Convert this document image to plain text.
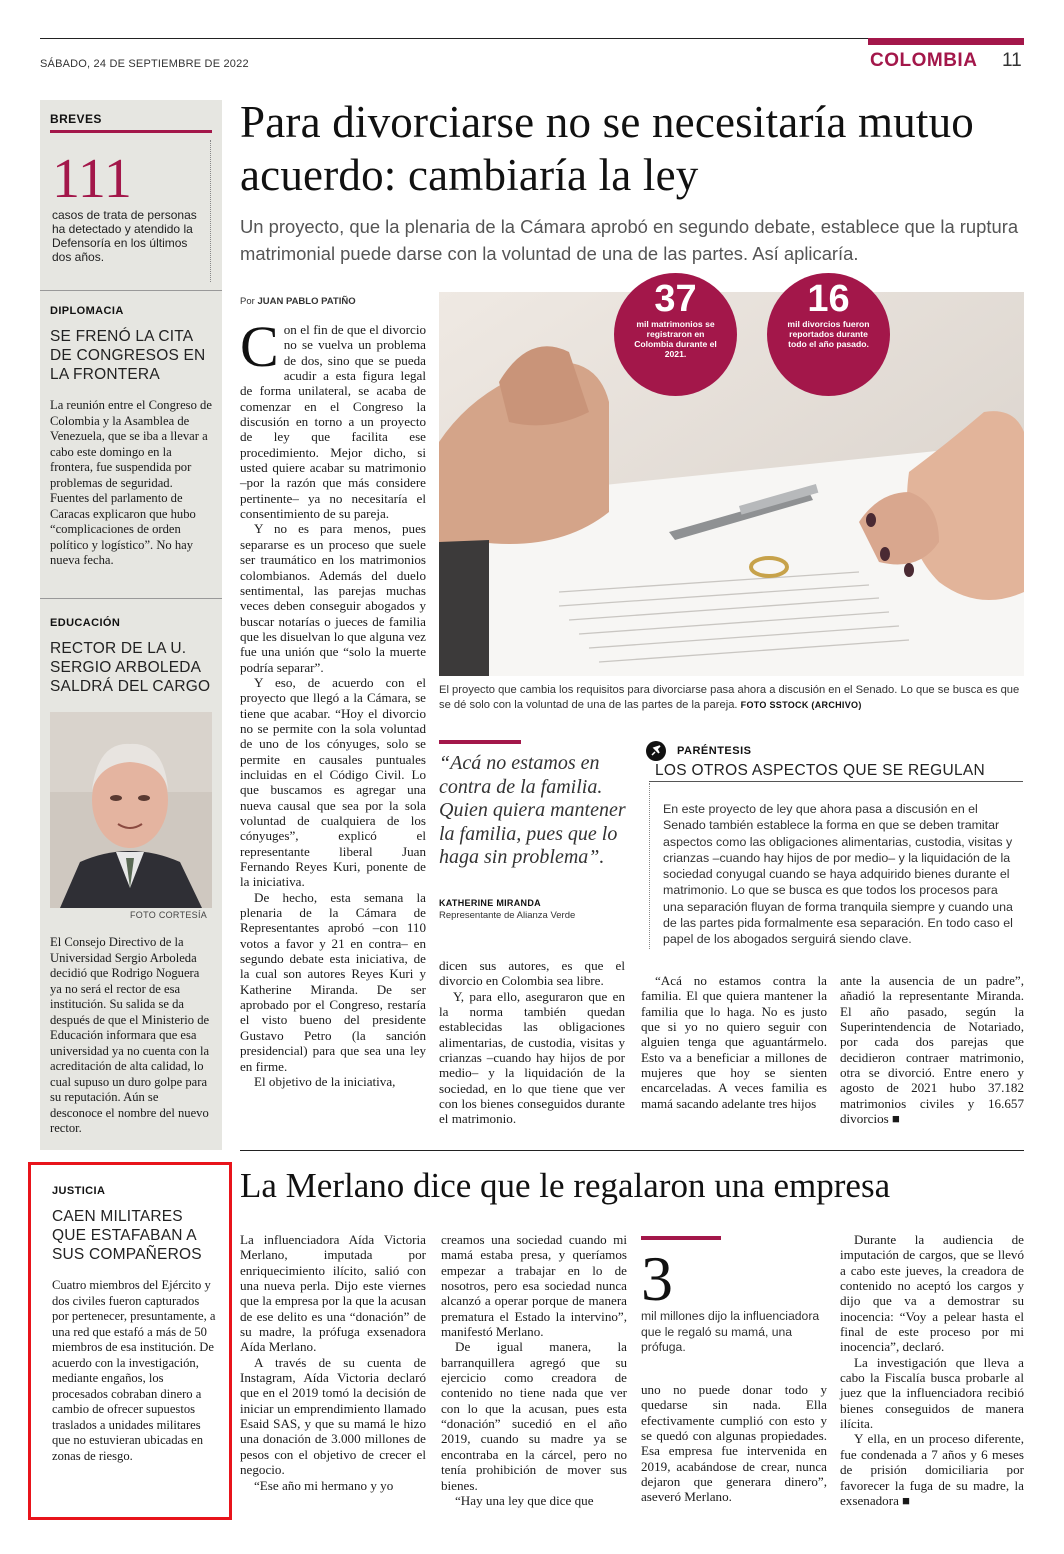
SÁBADO, 24 DE SEPTIEMBRE DE 2022	COLOMBIA 11
BREVES
111
casos de trata de personas ha detectado y atendido la Defensoría en los últimos dos años.
DIPLOMACIA
SE FRENÓ LA CITA DE CONGRESOS EN LA FRONTERA
La reunión entre el Congreso de Colombia y la Asamblea de Venezuela, que se iba a llevar a cabo este domingo en la frontera, fue suspendida por problemas de seguridad. Fuentes del parlamento de Caracas explicaron que hubo “complicaciones de orden político y logístico”. No hay nueva fecha.
EDUCACIÓN
RECTOR DE LA U. SERGIO ARBOLEDA SALDRÁ DEL CARGO
FOTO CORTESÍA
El Consejo Directivo de la Universidad Sergio Arboleda decidió que Rodrigo Noguera ya no será el rector de esa institución. Su salida se da después de que el Ministerio de Educación informara que esa universidad ya no cuenta con la acreditación de alta calidad, lo cual supuso un duro golpe para su reputación. Aún se desconoce el nombre del nuevo rector.
JUSTICIA
CAEN MILITARES QUE ESTAFABAN A SUS COMPAÑEROS
Cuatro miembros del Ejército y dos civiles fueron capturados por pertenecer, presuntamente, a una red que estafó a más de 50 miembros de esa institución. De acuerdo con la investigación, mediante engaños, los procesados cobraban dinero a cambio de ofrecer supuestos traslados a unidades militares que no estuvieran ubicadas en zonas de riesgo.
Para divorciarse no se necesitaría mutuo acuerdo: cambiaría la ley
Un proyecto, que la plenaria de la Cámara aprobó en segundo debate, establece que la ruptura matrimonial puede darse con la voluntad de una de las partes. Así aplicaría.
Por JUAN PABLO PATIÑO
C on el fin de que el divorcio no se vuelva un problema de dos, sino que se pueda acudir a esta figura legal de forma unilateral, se acaba de comenzar en el Congreso la discusión en torno a un proyecto de ley que facilita ese procedimiento. Mejor dicho, si usted quiere acabar su matrimonio –por la razón que más considere pertinente– ya no necesitaría el consentimiento de su pareja.

Y no es para menos, pues separarse es un proceso que suele ser traumático en los matrimonios colombianos. Además del duelo sentimental, las parejas muchas veces deben conseguir abogados y buscar notarías o jueces de familia que les disuelvan lo que alguna vez fue una unión que “solo la muerte podría separar”.

Y eso, de acuerdo con el proyecto que llegó a la Cámara, se tiene que acabar. “Hoy el divorcio no se permite con la sola voluntad de uno de los cónyuges, solo se permite en causales puntuales incluidas en el Código Civil. Lo que buscamos es agregar una nueva causal que sea por la sola voluntad de cualquiera de los cónyuges”, explicó el representante liberal Juan Fernando Reyes Kuri, ponente de la iniciativa.

De hecho, esta semana la plenaria de la Cámara de Representantes aprobó –con 110 votos a favor y 21 en contra– en segundo debate esta iniciativa, de la cual son autores Reyes Kuri y Katherine Miranda. De ser aprobado por el Congreso, restaría el visto bueno del presidente Gustavo Petro (la sanción presidencial) para que sea una ley en firme.

El objetivo de la iniciativa,

37
mil matrimonios se registraron en Colombia durante el 2021.
16
mil divorcios fueron reportados durante todo el año pasado.
El proyecto que cambia los requisitos para divorciarse pasa ahora a discusión en el Senado. Lo que se busca es que se dé solo con la voluntad de una de las partes de la pareja. FOTO SSTOCK (ARCHIVO)
“Acá no estamos en contra de la familia. Quien quiera mantener la familia, pues que lo haga sin problema”.
KATHERINE MIRANDA
Representante de Alianza Verde
PARÉNTESIS
LOS OTROS ASPECTOS QUE SE REGULAN
En este proyecto de ley que ahora pasa a discusión en el Senado también establece la forma en que se deben tramitar aspectos como las obligaciones alimentarias, custodia, visitas y crianzas –cuando hay hijos de por medio– y la liquidación de la sociedad conyugal cuando se haya adquirido bienes durante el matrimonio. Lo que se busca es que todos los procesos para una separación fluyan de forma tranquila siempre y cuando una de las partes pida formalmente esa separación. En todo caso el papel de los abogados serguirá siendo clave.

dicen sus autores, es que el divorcio en Colombia sea libre.

Y, para ello, aseguraron que en la norma también quedan establecidas las obligaciones alimentarias, de custodia, visitas y crianzas –cuando hay hijos de por medio– y la liquidación de la sociedad, en lo que tiene que ver con los bienes conseguidos durante el matrimonio.

“Acá no estamos contra la familia. El que quiera mantener la familia que lo haga. No es justo que si yo no quiero seguir con alguien tenga que aguantármelo. Esto va a beneficiar a millones de mujeres que hoy se sienten encarceladas. A veces familia es mamá sacando adelante tres hijos

ante la ausencia de un padre”, añadió la representante Miranda. El año pasado, según la Superintendencia de Notariado, por cada dos parejas que decidieron contraer matrimonio, otra se divorció. Entre enero y agosto de 2021 hubo 37.182 matrimonios civiles y 16.657 divorcios ■

La Merlano dice que le regalaron una empresa

La influenciadora Aída Victoria Merlano, imputada por enriquecimiento ilícito, salió con una nueva perla. Dijo este viernes que la empresa por la que la acusan de ese delito es una “donación” de su madre, la prófuga exsenadora Aída Merlano.

A través de su cuenta de Instagram, Aída Victoria declaró que en el 2019 tomó la decisión de iniciar un emprendimiento llamado Esaid SAS, y que su mamá le hizo una donación de 3.000 millones de pesos con el objetivo de crecer el negocio.

“Ese año mi hermano y yo

creamos una sociedad cuando mi mamá estaba presa, y queríamos empezar a trabajar en lo de nosotros, pero esa sociedad nunca alcanzó a operar porque de manera prematura el Estado la intervino”, manifestó Merlano.

De igual manera, la barranquillera agregó que su ejercicio como creadora de contenido no tiene nada que ver con lo que la acusan, pues esta “donación” sucedió en el año 2019, cuando su madre ya se encontraba en la cárcel, pero no tenía prohibición de mover sus bienes.

“Hay una ley que dice que

3
mil millones dijo la influenciadora que le regaló su mamá, una prófuga.

uno no puede donar todo y quedarse sin nada. Ella efectivamente cumplió con esto y se quedó con algunas propiedades. Esa empresa fue intervenida en 2019, acabándose de crear, nunca dejaron que generara dinero”, aseveró Merlano.

Durante la audiencia de imputación de cargos, que se llevó a cabo este jueves, la creadora de contenido no aceptó los cargos y dijo que va a demostrar su inocencia: “Voy a pelear hasta el final de este proceso por mi inocencia”, declaró.

La investigación que lleva a cabo la Fiscalía busca probarle al juez que la influenciadora recibió bienes conseguidos de manera ilícita.

Y ella, en un proceso diferente, fue condenada a 7 años y 6 meses de prisión domiciliaria por favorecer la fuga de su madre, la exsenadora ■
